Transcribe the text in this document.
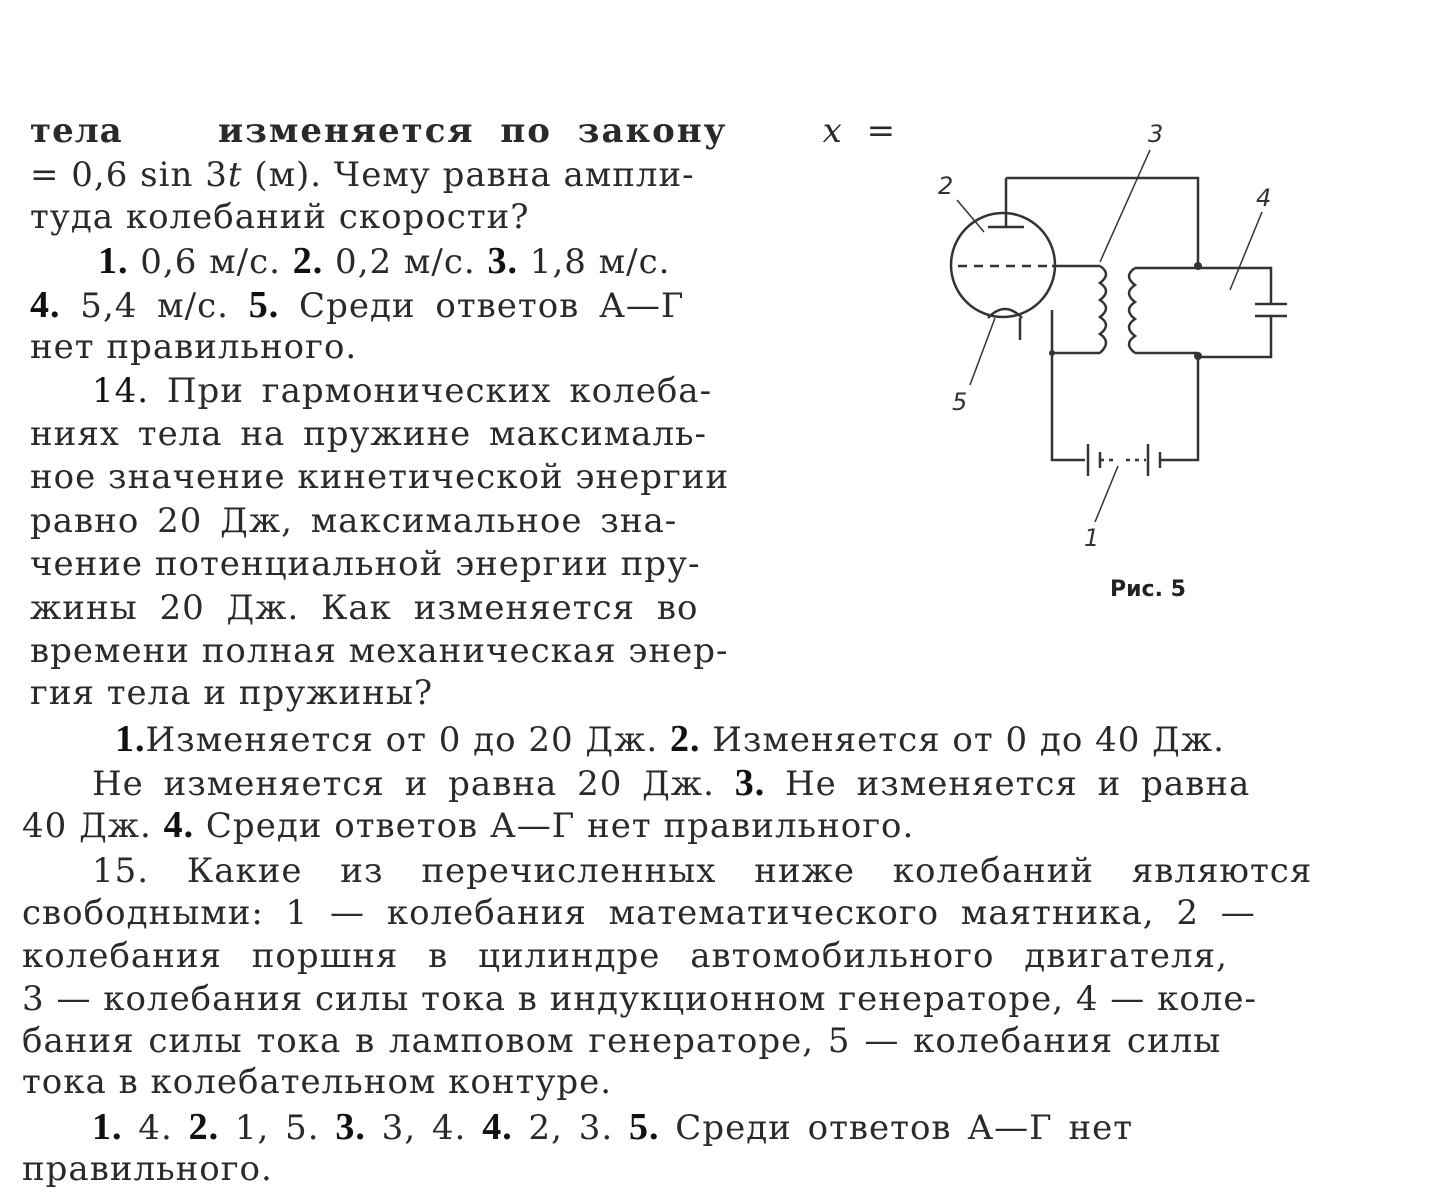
тела	изменяется по закону	x =
= 0,6 sin 3t (м). Чему равна ампли-
туда колебаний скорости?
1. 0,6 м/с. 2. 0,2 м/с. 3. 1,8 м/с.
4. 5,4 м/с. 5. Среди ответов А—Г
нет правильного.
14. При гармонических колеба-
ниях тела на пружине максималь-
ное значение кинетической энергии
равно 20 Дж, максимальное зна-
чение потенциальной энергии пру-
жины 20 Дж. Как изменяется во
времени полная механическая энер-
гия тела и пружины?
1.Изменяется от 0 до 20 Дж. 2. Изменяется от 0 до 40 Дж.
Не изменяется и равна 20 Дж. 3. Не изменяется и равна
40 Дж. 4. Среди ответов А—Г нет правильного.
15. Какие из перечисленных ниже колебаний являются
свободными: 1 — колебания математического маятника, 2 —
колебания поршня в цилиндре автомобильного двигателя,
3 — колебания силы тока в индукционном генераторе, 4 — коле-
бания силы тока в ламповом генераторе, 5 — колебания силы
тока в колебательном контуре.
1. 4. 2. 1, 5. 3. 3, 4. 4. 2, 3. 5. Среди ответов А—Г нет
правильного.
2
3
4
5
1
Рис. 5
